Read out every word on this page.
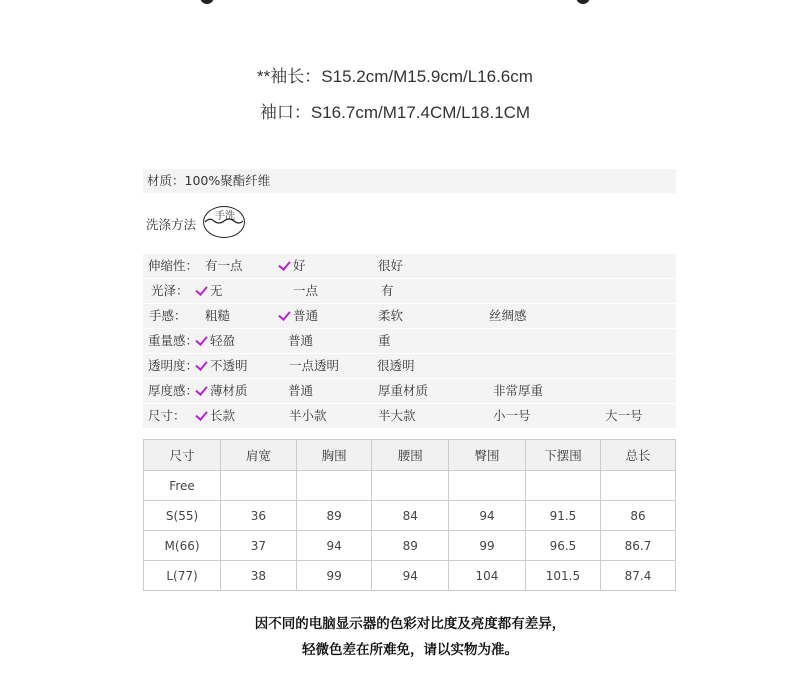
**袖长：S15.2cm/M15.9cm/L16.6cm
袖口：S16.7cm/M17.4CM/L18.1CM
材质：100%聚酯纤维
洗涤方法
手洗
伸缩性： 有一点	好	很好
光泽：	无	一点	有
手感： 粗糙	普通	柔软	丝绸感
重量感： 轻盈	普通	重
透明度： 不透明	一点透明	很透明
厚度感： 薄材质	普通	厚重材质	非常厚重
尺寸：	长款	半小款	半大款	小一号	大一号
尺寸	肩宽	胸围	腰围	臀围	下摆围	总长
Free						
S(55)	36	89	84	94	91.5	86
M(66)	37	94	89	99	96.5	86.7
L(77)	38	99	94	104	101.5	87.4
因不同的电脑显示器的色彩对比度及亮度都有差异，
轻微色差在所难免，请以实物为准。
